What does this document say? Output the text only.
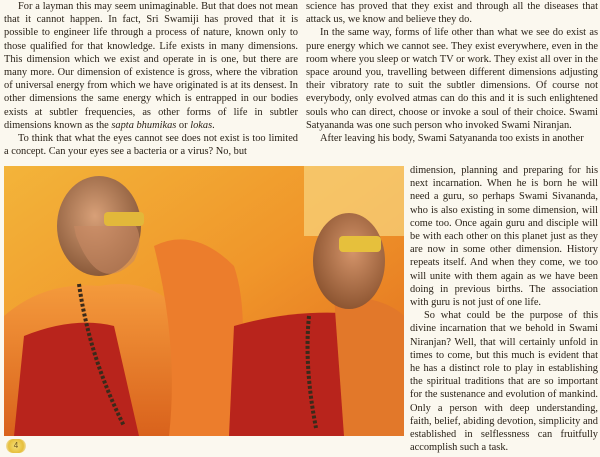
For a layman this may seem unimaginable. But that does not mean that it cannot happen. In fact, Sri Swamiji has proved that it is possible to engineer life through a process of nature, known only to those qualified for that knowledge. Life exists in many dimensions. This dimension which we exist and operate in is one, but there are many more. Our dimension of existence is gross, where the vibration of universal energy from which we have originated is at its densest. In other dimensions the same energy which is entrapped in our bodies exists at subtler frequencies, as other forms of life in subtler dimensions known as the sapta bhumikas or lokas.

To think that what the eyes cannot see does not exist is too limited a concept. Can your eyes see a bacteria or a virus? No, but

science has proved that they exist and through all the diseases that attack us, we know and believe they do.

In the same way, forms of life other than what we see do exist as pure energy which we cannot see. They exist everywhere, even in the room where you sleep or watch TV or work. They exist all over in the space around you, travelling between different dimensions adjusting their vibratory rate to suit the subtler dimensions. Of course not everybody, only evolved atmas can do this and it is such enlightened souls who can direct, choose or invoke a soul of their choice. Swami Satyananda was one such person who invoked Swami Niranjan.

After leaving his body, Swami Satyananda too exists in another

dimension, planning and preparing for his next incarnation. When he is born he will need a guru, so perhaps Swami Sivananda, who is also existing in some dimension, will come too. Once again guru and disciple will be with each other on this planet just as they are now in some other dimension. History repeats itself. And when they come, we too will unite with them again as we have been doing in previous births. The association with guru is not just of one life.

So what could be the purpose of this divine incarnation that we behold in Swami Niranjan? Well, that will certainly unfold in times to come, but this much is evident that he has a distinct role to play in establishing the spiritual traditions that are so important for the sustenance and evolution of mankind. Only a person with deep understanding, faith, belief, abiding devotion, simplicity and established in selflessness can fruitfully accomplish such a task.

4
